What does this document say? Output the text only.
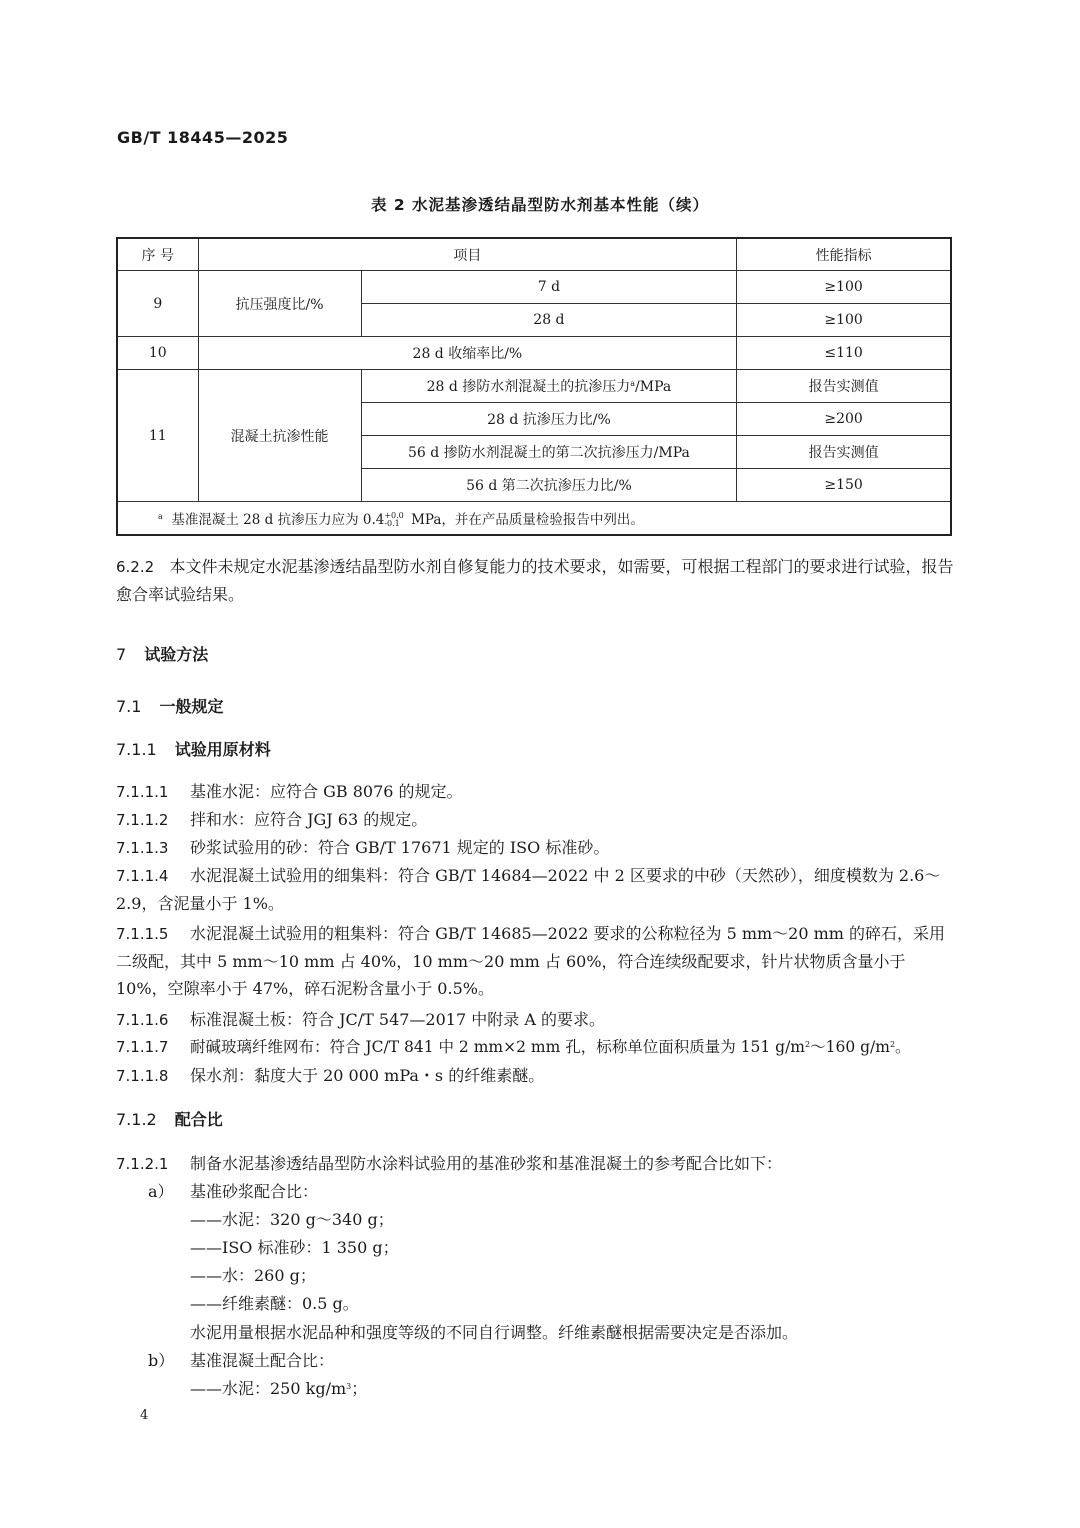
GB/T 18445—2025
表 2 水泥基渗透结晶型防水剂基本性能（续）
序 号	项目		性能指标
9	抗压强度比/%	7 d	≥100
		28 d	≥100
10	28 d 收缩率比/%		≤110
11	混凝土抗渗性能	28 d 掺防水剂混凝土的抗渗压力$^a$/MPa	报告实测值
		28 d 抗渗压力比/%	≥200
		56 d 掺防水剂混凝土的第二次抗渗压力/MPa	报告实测值
		56 d 第二次抗渗压力比/%	≥150
$^a$ 基准混凝土 28 d 抗渗压力应为 0.4 +0.0
-0.1 MPa，并在产品质量检验报告中列出。			
6.2.2 本文件未规定水泥基渗透结晶型防水剂自修复能力的技术要求，如需要，可根据工程部门的要求进行试验，报告愈合率试验结果。
7 试验方法
7.1 一般规定
7.1.1 试验用原材料
7.1.1.1 基准水泥：应符合 GB 8076 的规定。
7.1.1.2 拌和水：应符合 JGJ 63 的规定。
7.1.1.3 砂浆试验用的砂：符合 GB/T 17671 规定的 ISO 标准砂。
7.1.1.4 水泥混凝土试验用的细集料：符合 GB/T 14684—2022 中 2 区要求的中砂（天然砂），细度模数为 2.6～2.9，含泥量小于 1%。
7.1.1.5 水泥混凝土试验用的粗集料：符合 GB/T 14685—2022 要求的公称粒径为 5 mm～20 mm 的碎石，采用二级配，其中 5 mm～10 mm 占 40%，10 mm～20 mm 占 60%，符合连续级配要求，针片状物质含量小于 10%，空隙率小于 47%，碎石泥粉含量小于 0.5%。
7.1.1.6 标准混凝土板：符合 JC/T 547—2017 中附录 A 的要求。
7.1.1.7 耐碱玻璃纤维网布：符合 JC/T 841 中 2 mm×2 mm 孔，标称单位面积质量为 151 $g/m^2\sim 160$ $g/m^2$。
7.1.1.8 保水剂：黏度大于 20 000 mPa・s 的纤维素醚。
7.1.2 配合比
7.1.2.1 制备水泥基渗透结晶型防水涂料试验用的基准砂浆和基准混凝土的参考配合比如下：
a） 基准砂浆配合比：
——水泥：320 g～340 g；
——ISO 标准砂：1 350 g；
——水：260 g；
——纤维素醚：0.5 g。
水泥用量根据水泥品种和强度等级的不同自行调整。纤维素醚根据需要决定是否添加。
b） 基准混凝土配合比：
——水泥：250 $kg/m^3$；
4
